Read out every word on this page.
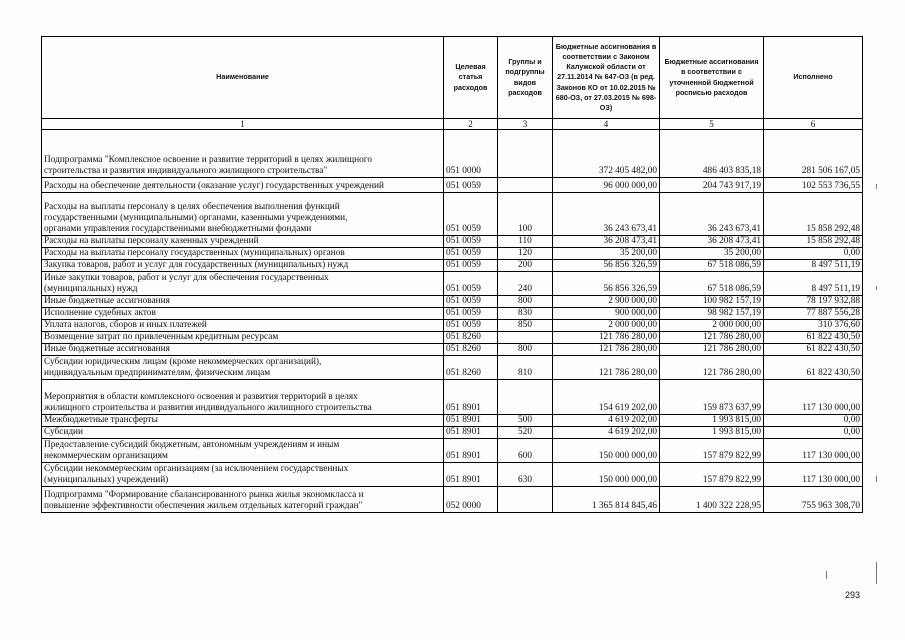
Наименование	Целевая статья расходов	Группы и подгруппы видов расходов	Бюджетные ассигнования в соответствии с Законом Калужской области от 27.11.2014 № 647-ОЗ (в ред. Законов КО от 10.02.2015 № 680-ОЗ, от 27.03.2015 № 698-ОЗ)	Бюджетные ассигнования в соответствии с уточненной бюджетной росписью расходов	Исполнено
1	2	3	4	5	6
Подпрограмма "Комплексное освоение и развитие территорий в целях жилищного
строительства и развития индивидуального жилищного строительства"	051 0000		372 405 482,00	486 403 835,18	281 506 167,05
Расходы на обеспечение деятельности (оказание услуг) государственных учреждений	051 0059		96 000 000,00	204 743 917,19	102 553 736,55
Расходы на выплаты персоналу в целях обеспечения выполнения функций
государственными (муниципальными) органами, казенными учреждениями,
органами управления государственными внебюджетными фондами	051 0059	100	36 243 673,41	36 243 673,41	15 858 292,48
Расходы на выплаты персоналу казенных учреждений	051 0059	110	36 208 473,41	36 208 473,41	15 858 292,48
Расходы на выплаты персоналу государственных (муниципальных) органов	051 0059	120	35 200,00	35 200,00	0,00
Закупка товаров, работ и услуг для государственных (муниципальных) нужд	051 0059	200	56 856 326,59	67 518 086,59	8 497 511,19
Иные закупки товаров, работ и услуг для обеспечения государственных
(муниципальных) нужд	051 0059	240	56 856 326,59	67 518 086,59	8 497 511,19
Иные бюджетные ассигнования	051 0059	800	2 900 000,00	100 982 157,19	78 197 932,88
Исполнение судебных актов	051 0059	830	900 000,00	98 982 157,19	77 887 556,28
Уплата налогов, сборов и иных платежей	051 0059	850	2 000 000,00	2 000 000,00	310 376,60
Возмещение затрат по привлеченным кредитным ресурсам	051 8260		121 786 280,00	121 786 280,00	61 822 430,50
Иные бюджетные ассигнования	051 8260	800	121 786 280,00	121 786 280,00	61 822 430,50
Субсидии юридическим лицам (кроме некоммерческих организаций),
индивидуальным предпринимателям, физическим лицам	051 8260	810	121 786 280,00	121 786 280,00	61 822 430,50
Мероприятия в области комплексного освоения и развития территорий в целях
жилищного строительства и развития индивидуального жилищного строительства	051 8901		154 619 202,00	159 873 637,99	117 130 000,00
Межбюджетные трансферты	051 8901	500	4 619 202,00	1 993 815,00	0,00
Субсидии	051 8901	520	4 619 202,00	1 993 815,00	0,00
Предоставление субсидий бюджетным, автономным учреждениям и иным
некоммерческим организациям	051 8901	600	150 000 000,00	157 879 822,99	117 130 000,00
Субсидии некоммерческим организациям (за исключением государственных
(муниципальных) учреждений)	051 8901	630	150 000 000,00	157 879 822,99	117 130 000,00
Подпрограмма "Формирование сбалансированного рынка жилья экономкласса и
повышение эффективности обеспечения жильем отдельных категорий граждан"	052 0000		1 365 814 845,46	1 400 322 228,95	755 963 308,70
293
